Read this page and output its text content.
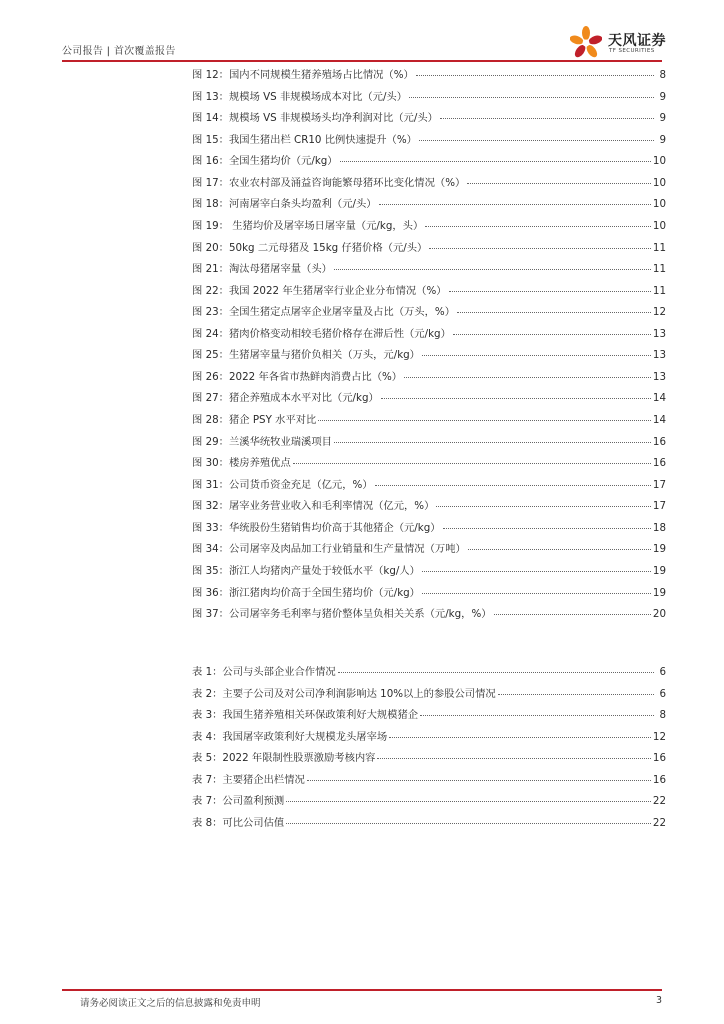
公司报告 | 首次覆盖报告
天风证券
TF SECURITIES
图 12：国内不同规模生猪养殖场占比情况（%）	8
图 13：规模场 VS 非规模场成本对比（元/头）	9
图 14：规模场 VS 非规模场头均净利润对比（元/头）	9
图 15：我国生猪出栏 CR10 比例快速提升（%）	9
图 16：全国生猪均价（元/kg）	10
图 17：农业农村部及涌益咨询能繁母猪环比变化情况（%）	10
图 18：河南屠宰白条头均盈利（元/头）	10
图 19： 生猪均价及屠宰场日屠宰量（元/kg，头）	10
图 20：50kg 二元母猪及 15kg 仔猪价格（元/头）	11
图 21：淘汰母猪屠宰量（头）	11
图 22：我国 2022 年生猪屠宰行业企业分布情况（%）	11
图 23：全国生猪定点屠宰企业屠宰量及占比（万头，%）	12
图 24：猪肉价格变动相较毛猪价格存在滞后性（元/kg）	13
图 25：生猪屠宰量与猪价负相关（万头，元/kg）	13
图 26：2022 年各省市热鲜肉消费占比（%）	13
图 27：猪企养殖成本水平对比（元/kg）	14
图 28：猪企 PSY 水平对比	14
图 29：兰溪华统牧业瑞溪项目	16
图 30：楼房养殖优点	16
图 31：公司货币资金充足（亿元，%）	17
图 32：屠宰业务营业收入和毛利率情况（亿元，%）	17
图 33：华统股份生猪销售均价高于其他猪企（元/kg）	18
图 34：公司屠宰及肉品加工行业销量和生产量情况（万吨）	19
图 35：浙江人均猪肉产量处于较低水平（kg/人）	19
图 36：浙江猪肉均价高于全国生猪均价（元/kg）	19
图 37：公司屠宰务毛利率与猪价整体呈负相关关系（元/kg，%）	20
表 1：公司与头部企业合作情况	6
表 2：主要子公司及对公司净利润影响达 10%以上的参股公司情况	6
表 3：我国生猪养殖相关环保政策利好大规模猪企	8
表 4：我国屠宰政策利好大规模龙头屠宰场	12
表 5：2022 年限制性股票激励考核内容	16
表 7：主要猪企出栏情况	16
表 7：公司盈利预测	22
表 8：可比公司估值	22
请务必阅读正文之后的信息披露和免责申明	3
